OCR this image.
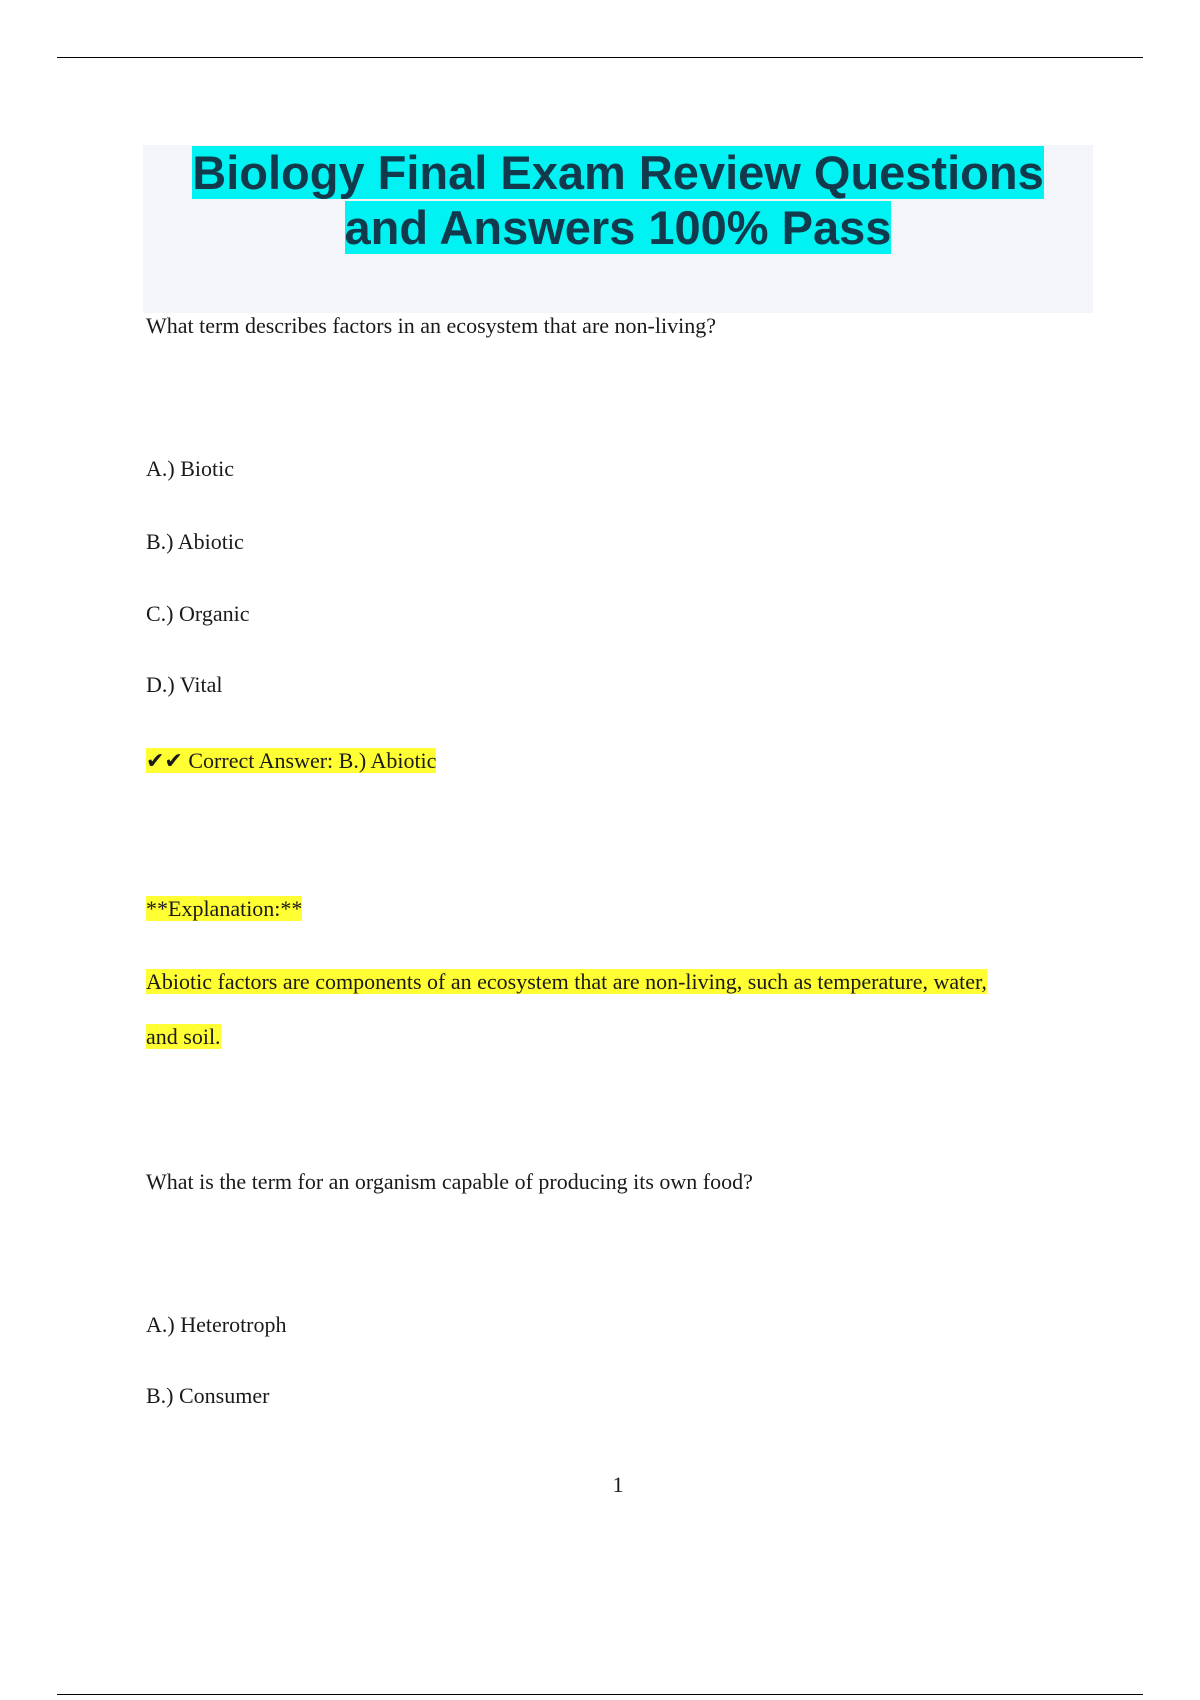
Biology Final Exam Review Questions
and Answers 100% Pass

What term describes factors in an ecosystem that are non-living?

A.) Biotic

B.) Abiotic

C.) Organic

D.) Vital

✔✔ Correct Answer: B.) Abiotic

**Explanation:**

Abiotic factors are components of an ecosystem that are non-living, such as temperature, water,

and soil.

What is the term for an organism capable of producing its own food?

A.) Heterotroph

B.) Consumer

1
